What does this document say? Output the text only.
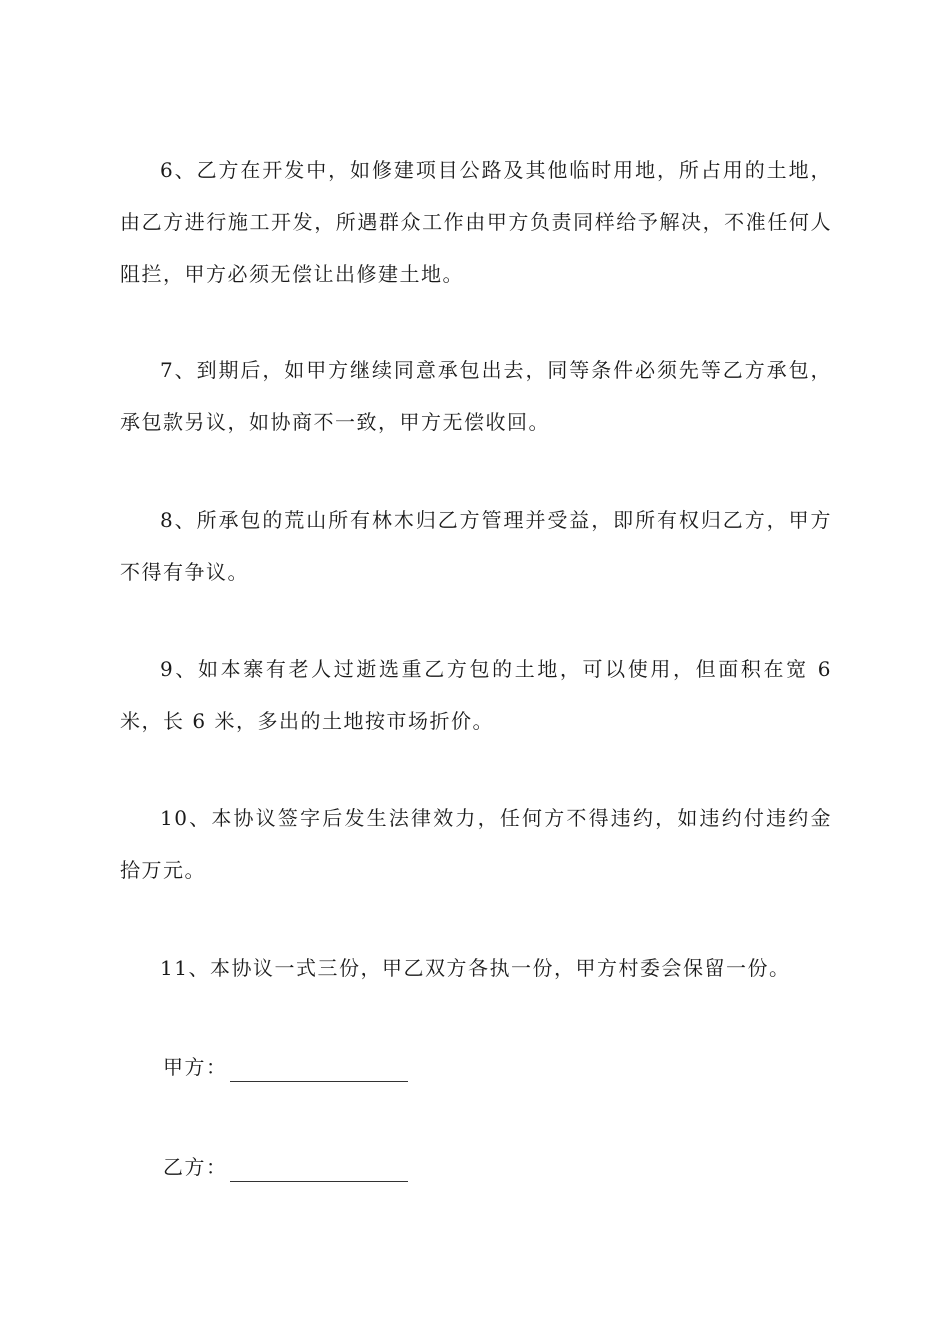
6、乙方在开发中，如修建项目公路及其他临时用地，所占用的土地，由乙方进行施工开发，所遇群众工作由甲方负责同样给予解决，不准任何人阻拦，甲方必须无偿让出修建土地。

7、到期后，如甲方继续同意承包出去，同等条件必须先等乙方承包，承包款另议，如协商不一致，甲方无偿收回。

8、所承包的荒山所有林木归乙方管理并受益，即所有权归乙方，甲方不得有争议。

9、如本寨有老人过逝选重乙方包的土地，可以使用，但面积在宽 6 米，长 6 米，多出的土地按市场折价。

10、本协议签字后发生法律效力，任何方不得违约，如违约付违约金拾万元。

11、本协议一式三份，甲乙双方各执一份，甲方村委会保留一份。

甲方：
乙方：
